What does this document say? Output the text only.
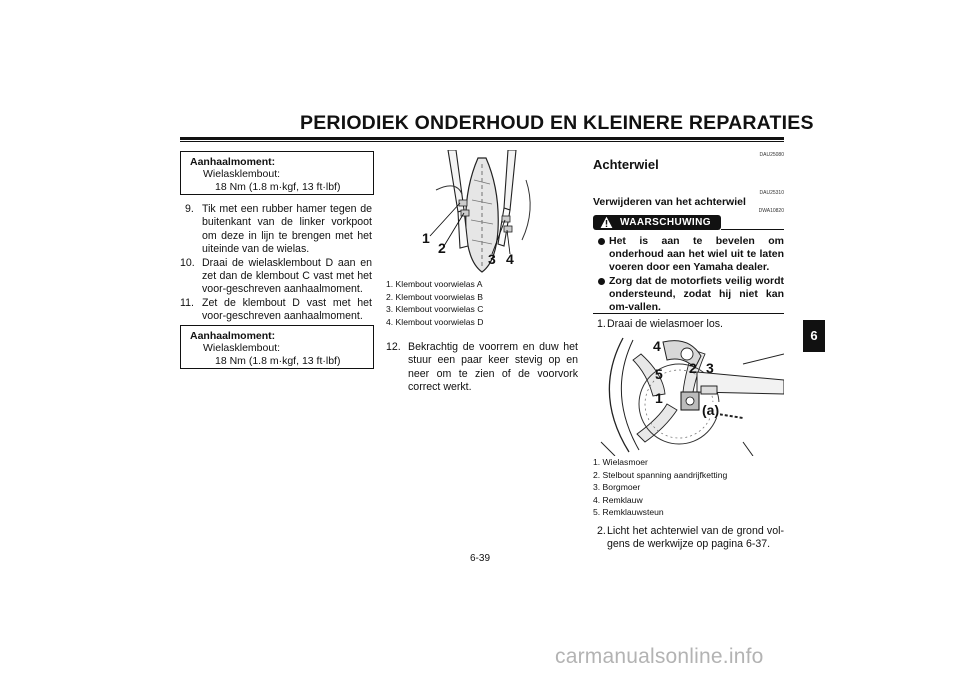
PERIODIEK ONDERHOUD EN KLEINERE REPARATIES
Aanhaalmoment:
Wielasklembout:
18 Nm (1.8 m·kgf, 13 ft·lbf)
9. Tik met een rubber hamer tegen de buitenkant van de linker vorkpoot om deze in lijn te brengen met het uiteinde van de wielas.
10. Draai de wielasklembout D aan en zet dan de klembout C vast met het voor-geschreven aanhaalmoment.
11. Zet de klembout D vast met het voor-geschreven aanhaalmoment.
Aanhaalmoment:
Wielasklembout:
18 Nm (1.8 m·kgf, 13 ft·lbf)
1
2
3 4
1. Klembout voorwielas A
2. Klembout voorwielas B
3. Klembout voorwielas C
4. Klembout voorwielas D
12. Bekrachtig de voorrem en duw het stuur een paar keer stevig op en neer om te zien of de voorvork correct werkt.
DAU25080
Achterwiel
DAU25310
Verwijderen van het achterwiel
DWA10820
WAARSCHUWING
Het is aan te bevelen om onderhoud aan het wiel uit te laten voeren door een Yamaha dealer.
Zorg dat de motorfiets veilig wordt ondersteund, zodat hij niet kan om-vallen.
1. Draai de wielasmoer los.
4
5 2 3
1
(a)
1. Wielasmoer
2. Stelbout spanning aandrijfketting
3. Borgmoer
4. Remklauw
5. Remklauwsteun
2. Licht het achterwiel van de grond vol-gens de werkwijze op pagina 6-37.
6
6-39
carmanualsonline.info
